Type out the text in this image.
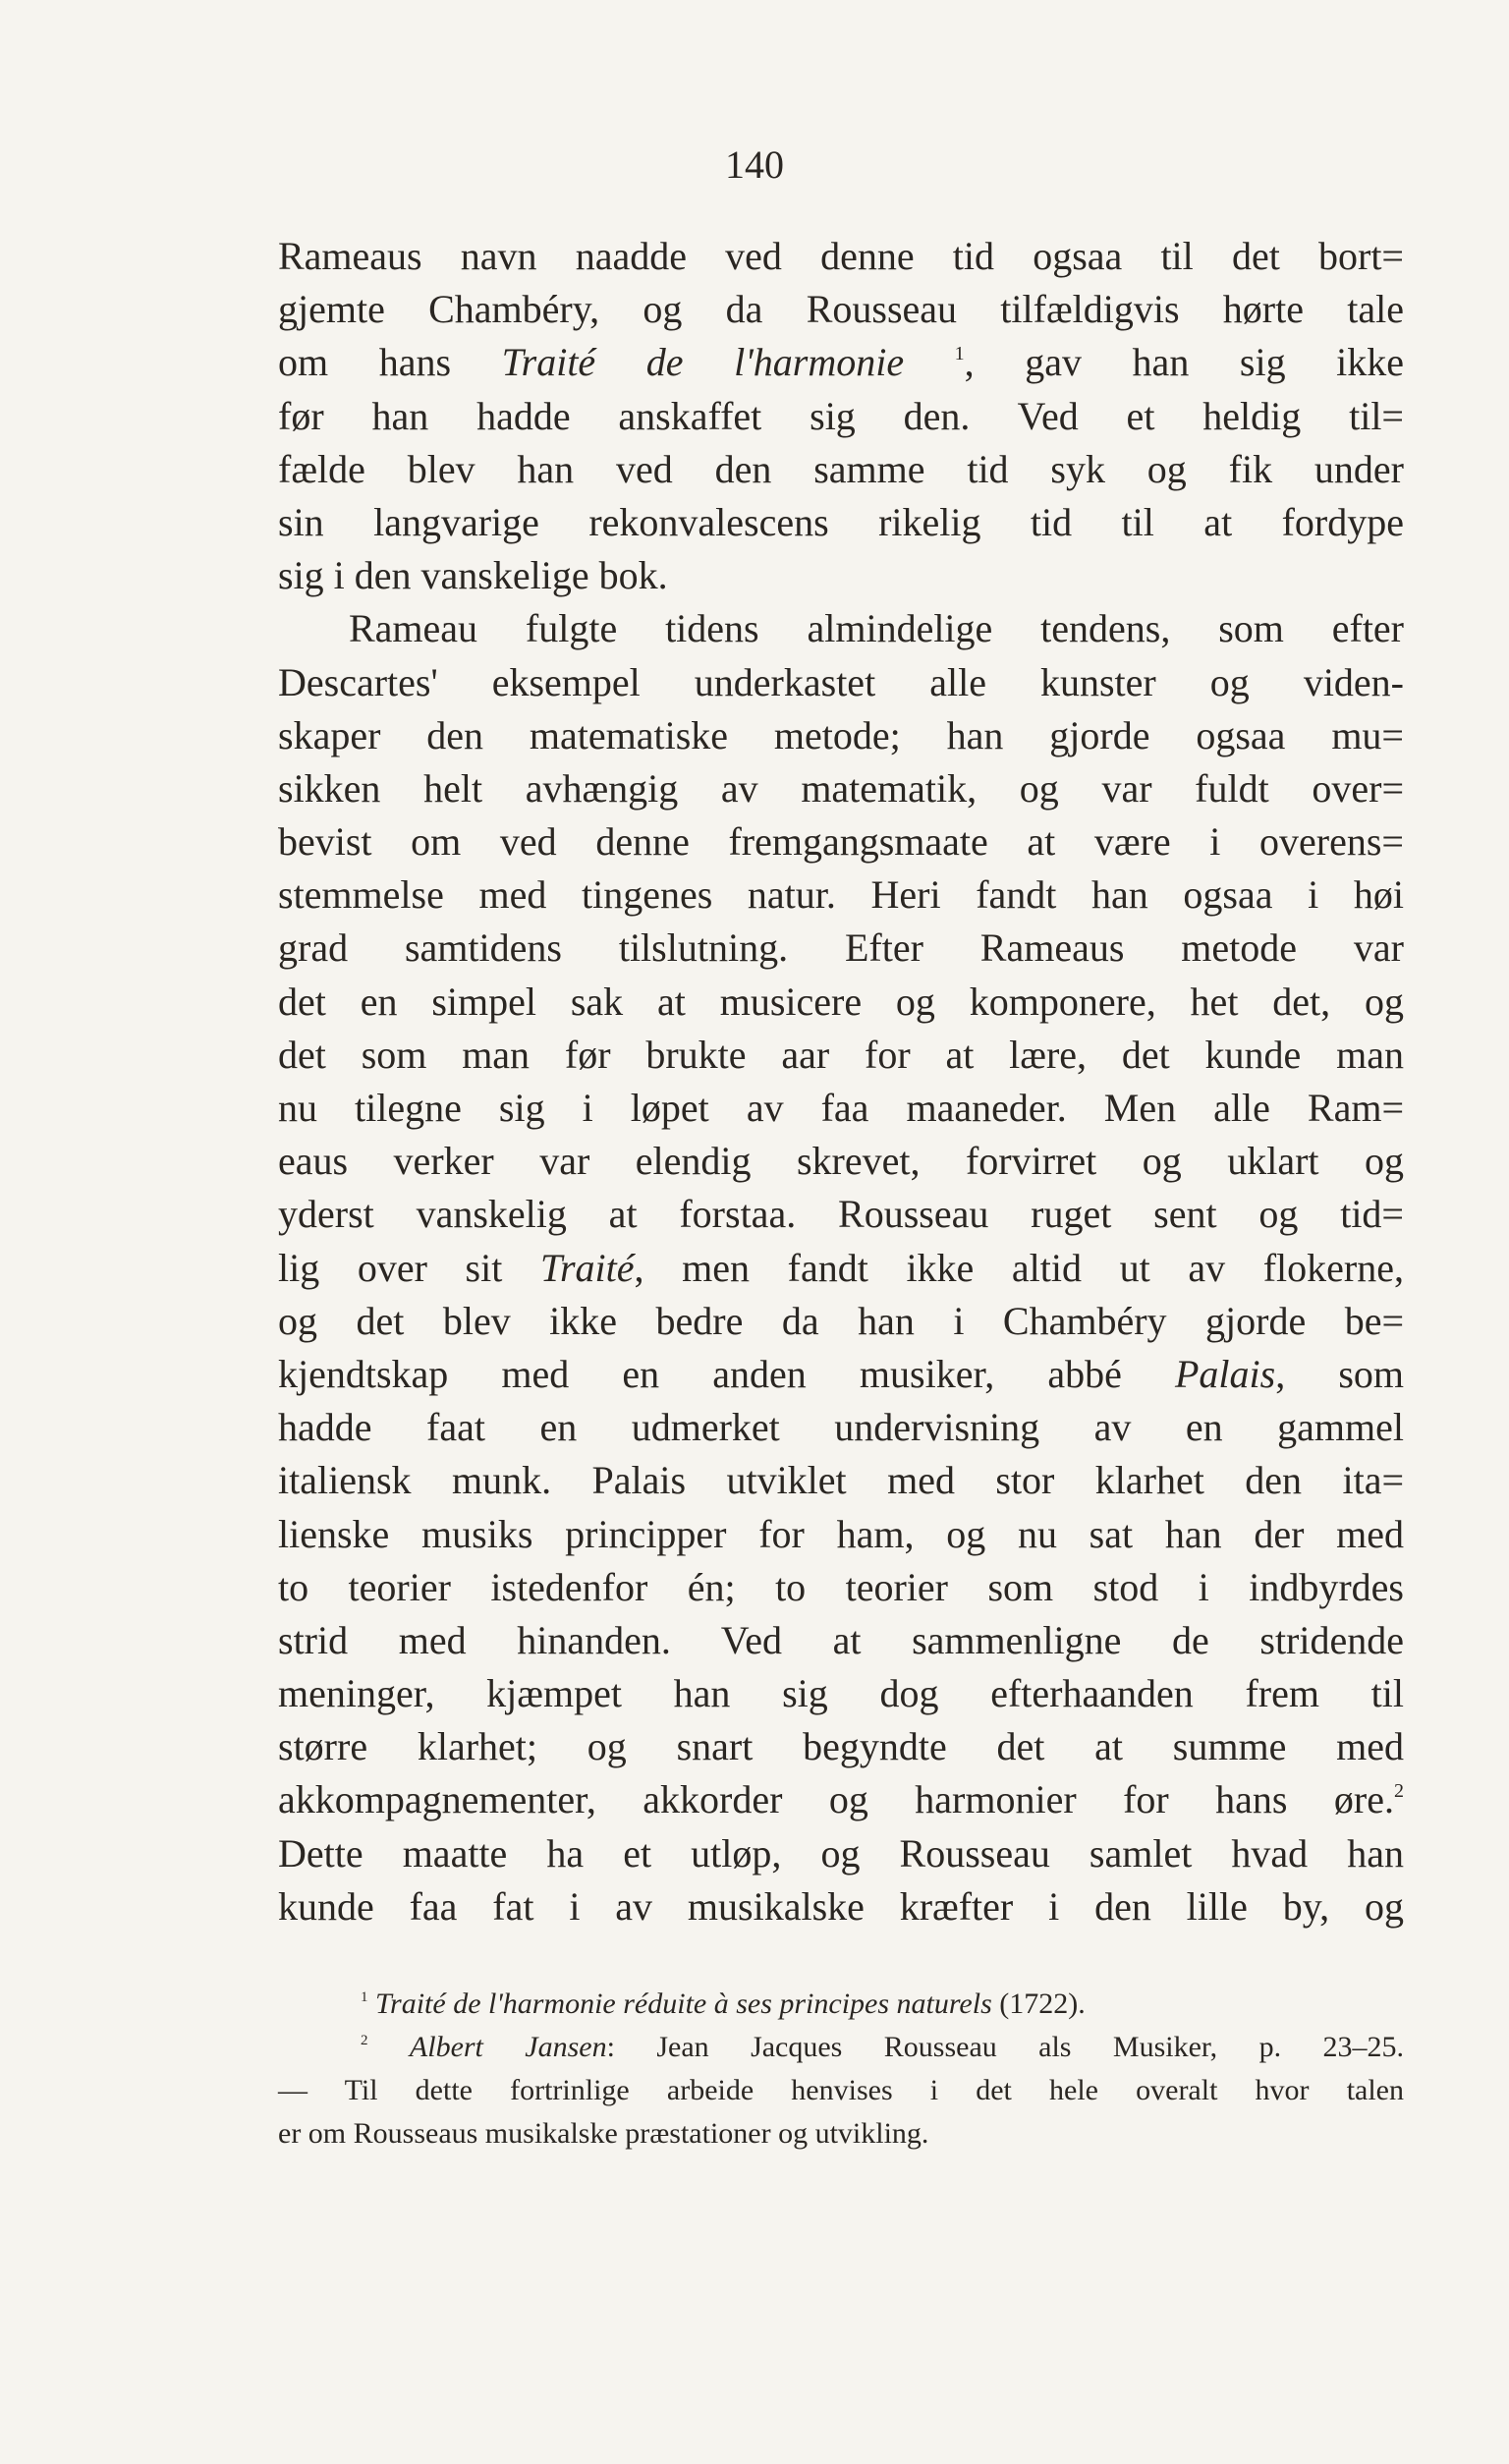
140
Rameaus navn naadde ved denne tid ogsaa til det bort=
gjemte Chambéry, og da Rousseau tilfældigvis hørte tale
om hans Traité de l'harmonie	$^1$, gav han sig ikke
før han hadde anskaffet sig den. Ved et heldig til=
fælde blev han ved den samme tid syk og fik under
sin langvarige rekonvalescens rikelig tid til at fordype
sig i den vanskelige bok.
Rameau fulgte tidens almindelige tendens, som efter
Descartes' eksempel underkastet alle kunster og viden-
skaper den matematiske metode; han gjorde ogsaa mu=
sikken helt avhængig av matematik, og var fuldt over=
bevist om ved denne fremgangsmaate at være i overens=
stemmelse med tingenes natur. Heri fandt han ogsaa i høi
grad samtidens tilslutning. Efter Rameaus metode var
det en simpel sak at musicere og komponere, het det, og
det som man før brukte aar for at lære, det kunde man
nu tilegne sig i løpet av faa maaneder. Men alle Ram=
eaus verker var elendig skrevet, forvirret og uklart og
yderst vanskelig at forstaa. Rousseau ruget sent og tid=
lig over sit Traité, men fandt ikke altid ut av flokerne,
og det blev ikke bedre da han i Chambéry gjorde be=
kjendtskap med en anden musiker, abbé Palais, som
hadde faat en udmerket undervisning av en gammel
italiensk munk. Palais utviklet med stor klarhet den ita=
lienske musiks principper for ham, og nu sat han der med
to teorier istedenfor én; to teorier som stod i indbyrdes
strid med hinanden. Ved at sammenligne de stridende
meninger, kjæmpet han sig dog efterhaanden frem til
større klarhet; og snart begyndte det at summe med
akkompagnementer, akkorder og harmonier for hans øre.$^2$
Dette maatte ha et utløp, og Rousseau samlet hvad han
kunde faa fat i av musikalske kræfter i den lille by, og
$^1$ Traité de l'harmonie réduite à ses principes naturels (1722).
$^2$ Albert Jansen: Jean Jacques Rousseau als Musiker, p. 23–25.
— Til dette fortrinlige arbeide henvises i det hele overalt hvor talen
er om Rousseaus musikalske præstationer og utvikling.
